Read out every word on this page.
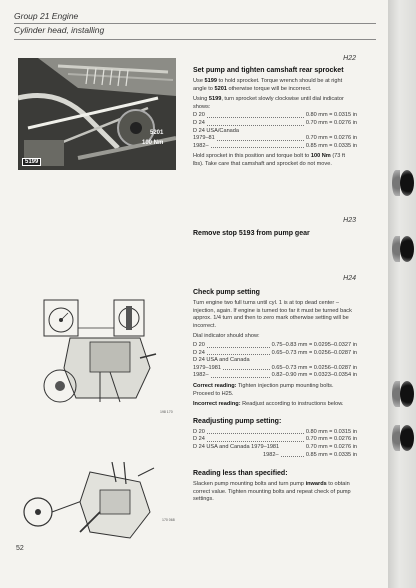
Group 21 Engine
Cylinder head, installing
5201
100 Nm
5199
198 170
170 068
H22
Set pump and tighten camshaft rear sprocket

Use 5199 to hold sprocket. Torque wrench should be at right angle to 5201 otherwise torque will be incorrect.

Using 5199, turn sprocket slowly clockwise until dial indicator shows:

D 20	0.80 mm = 0.0315 in
D 24	0.70 mm = 0.0276 in
D 24 USA/Canada
1979–81	0.70 mm = 0.0276 in
1982–	0.85 mm = 0.0335 in

Hold sprocket in this position and torque bolt to 100 Nm (73 ft lbs). Take care that camshaft and sprocket do not move.

H23
Remove stop 5193 from pump gear
H24
Check pump setting

Turn engine two full turns until cyl. 1 is at top dead center – injection, again. If engine is turned too far it must be turned back approx. 1/4 turn and then to zero mark otherwise setting will be incorrect.

Dial indicator should show:

D 20	0.75–0.83 mm = 0.0295–0.0327 in
D 24	0.65–0.73 mm = 0.0256–0.0287 in
D 24 USA and Canada
1979–1981	0.65–0.73 mm = 0.0256–0.0287 in
1982–	0.82–0.90 mm = 0.0323–0.0354 in

Correct reading: Tighten injection pump mounting bolts.

Proceed to H25.

Incorrect reading: Readjust according to instructions below.

Readjusting pump setting:
D 20	0.80 mm = 0.0315 in
D 24	0.70 mm = 0.0276 in
D 24 USA and Canada 1979–1981	0.70 mm = 0.0276 in
1982–	0.85 mm = 0.0335 in
Reading less than specified:

Slacken pump mounting bolts and turn pump inwards to obtain correct value. Tighten mounting bolts and repeat check of pump settings.

52
